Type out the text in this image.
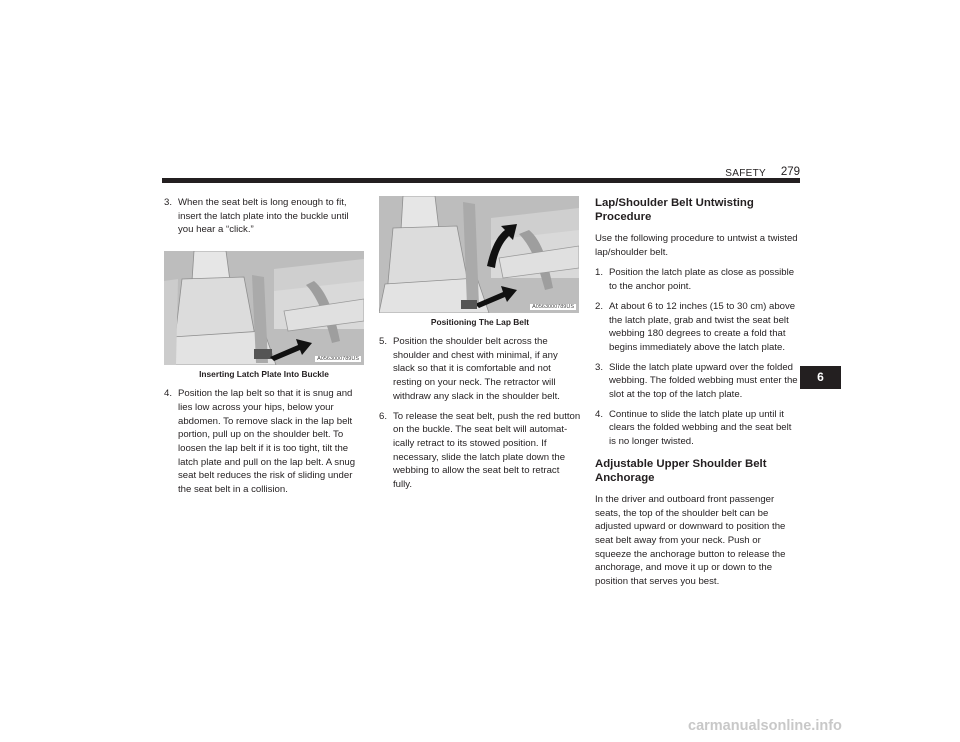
SAFETY	279
3. When the seat belt is long enough to fit, insert the latch plate into the buckle until you hear a “click.”
A0563000789US
Inserting Latch Plate Into Buckle
4. Position the lap belt so that it is snug and lies low across your hips, below your abdomen. To remove slack in the lap belt portion, pull up on the shoulder belt. To loosen the lap belt if it is too tight, tilt the latch plate and pull on the lap belt. A snug seat belt reduces the risk of sliding under the seat belt in a collision.
A0563000789US
Positioning The Lap Belt
5. Position the shoulder belt across the shoulder and chest with minimal, if any slack so that it is comfortable and not resting on your neck. The retractor will withdraw any slack in the shoulder belt.
6. To release the seat belt, push the red button on the buckle. The seat belt will automat-ically retract to its stowed position. If necessary, slide the latch plate down the webbing to allow the seat belt to retract fully.
Lap/Shoulder Belt Untwisting Procedure
Use the following procedure to untwist a twisted lap/shoulder belt.
1. Position the latch plate as close as possible to the anchor point.
2. At about 6 to 12 inches (15 to 30 cm) above the latch plate, grab and twist the seat belt webbing 180 degrees to create a fold that begins immediately above the latch plate.
3. Slide the latch plate upward over the folded webbing. The folded webbing must enter the slot at the top of the latch plate.
4. Continue to slide the latch plate up until it clears the folded webbing and the seat belt is no longer twisted.
Adjustable Upper Shoulder Belt Anchorage
In the driver and outboard front passenger seats, the top of the shoulder belt can be adjusted upward or downward to position the seat belt away from your neck. Push or squeeze the anchorage button to release the anchorage, and move it up or down to the position that serves you best.
6
carmanualsonline.info
